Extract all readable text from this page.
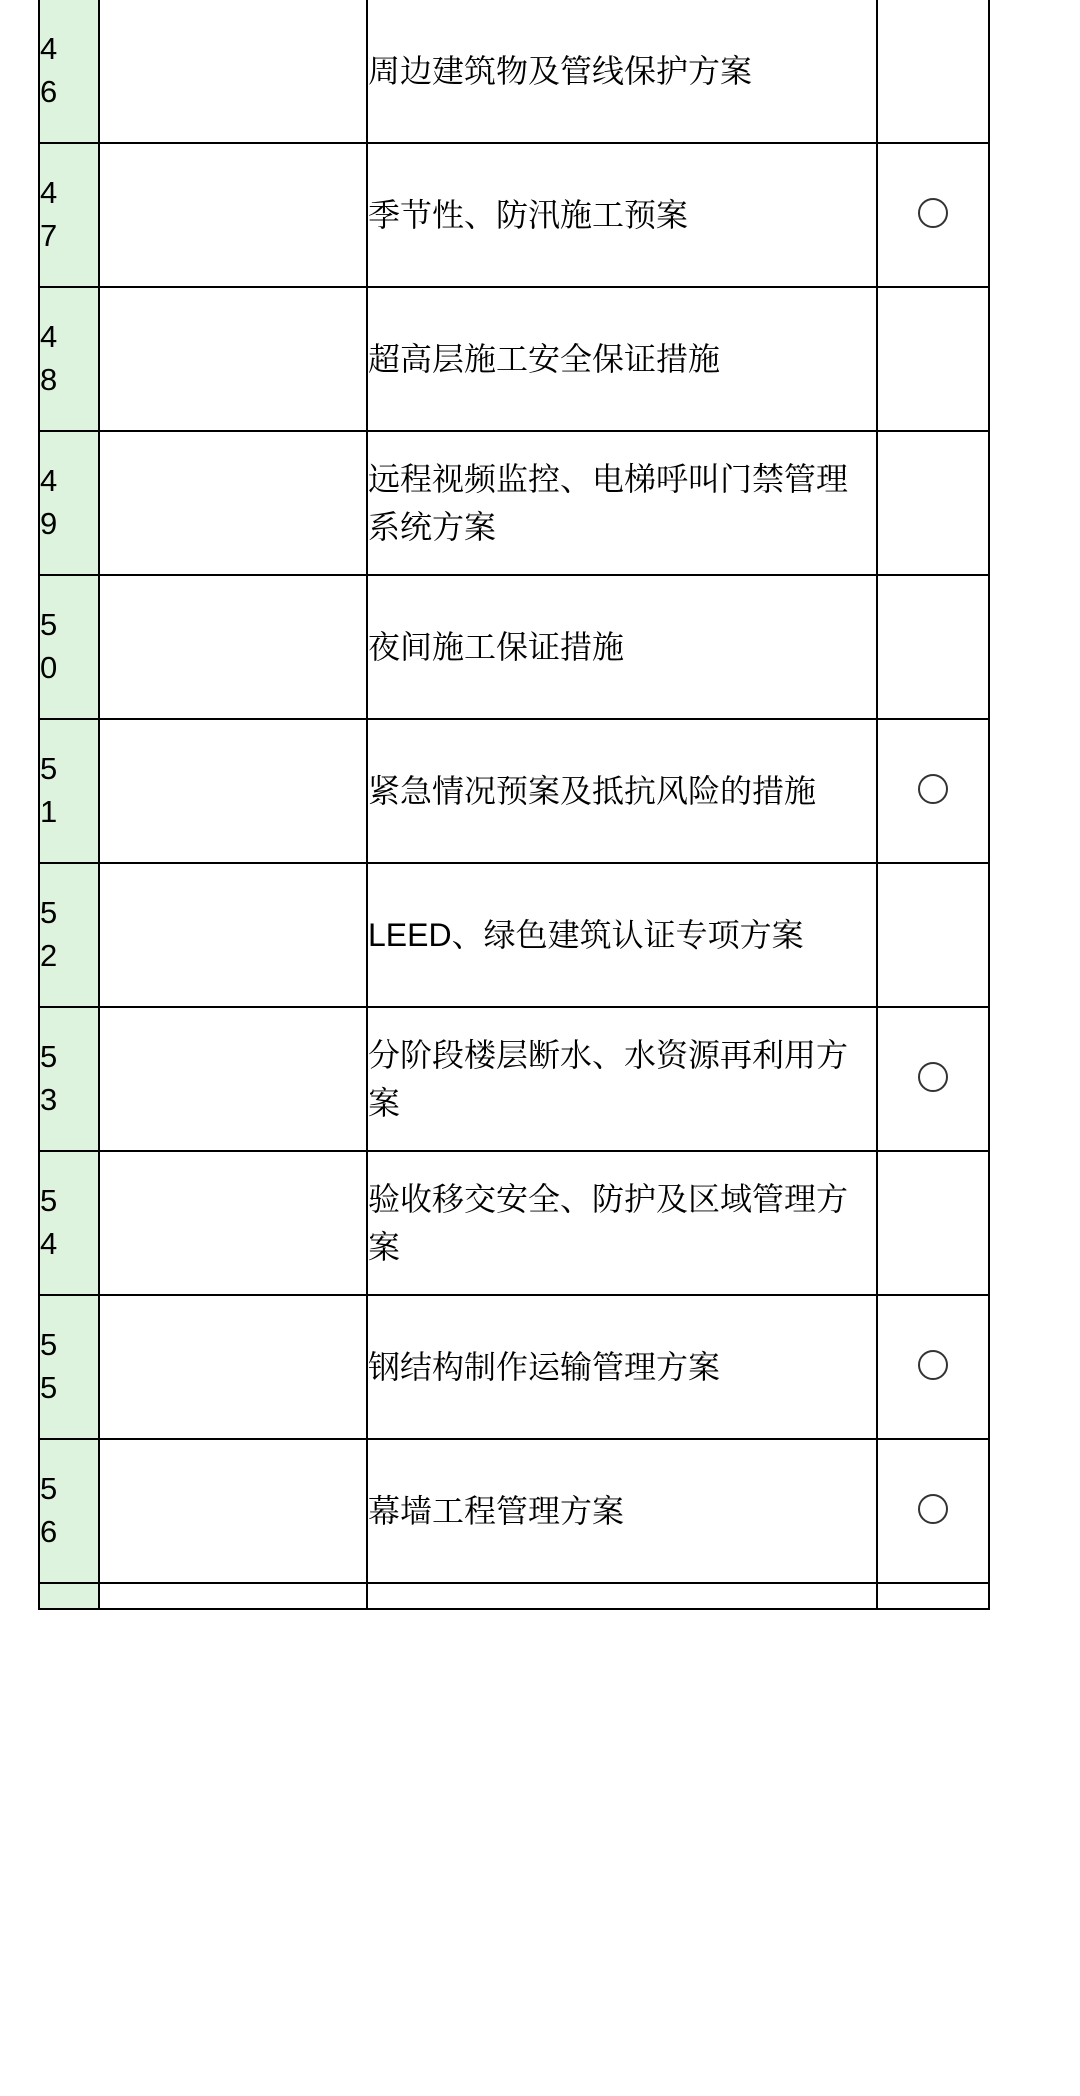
46		周边建筑物及管线保护方案	

47		季节性、防汛施工预案	

48		超高层施工安全保证措施	

49		远程视频监控、电梯呼叫门禁管理系统方案	

50		夜间施工保证措施	

51		紧急情况预案及抵抗风险的措施	

52		LEED、绿色建筑认证专项方案	

53		分阶段楼层断水、水资源再利用方案	

54		验收移交安全、防护及区域管理方案	

55		钢结构制作运输管理方案	

56		幕墙工程管理方案	
